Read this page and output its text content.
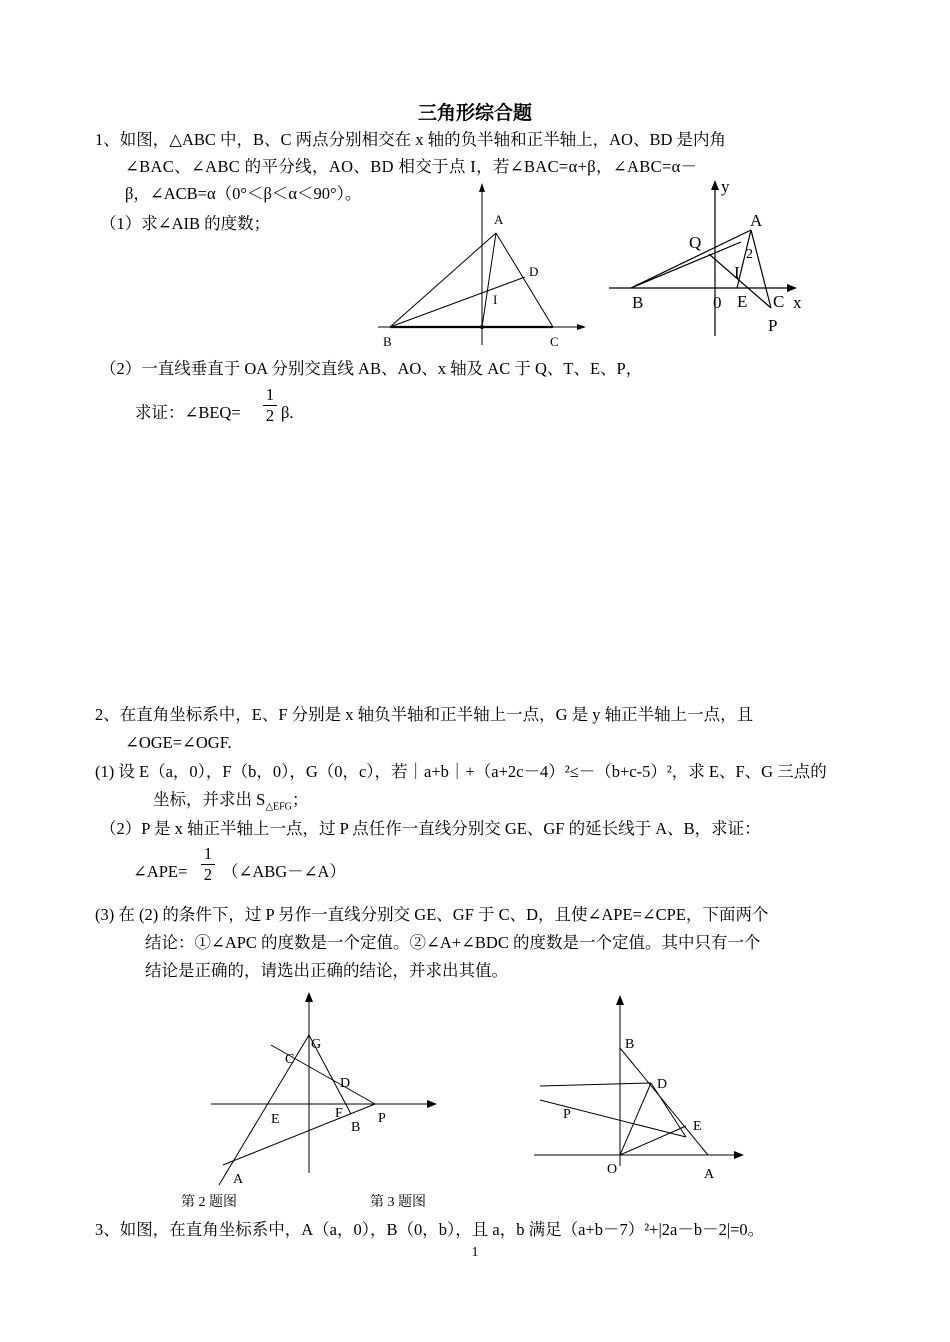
三角形综合题
1、如图，△ABC 中，B、C 两点分别相交在 x 轴的负半轴和正半轴上，AO、BD 是内角
∠BAC、∠ABC 的平分线，AO、BD 相交于点 I，若∠BAC=α+β，∠ABC=α－
β，∠ACB=α（0°＜β＜α＜90°）。
（1）求∠AIB 的度数；	A
D
I
B	C
y
A
Q
2
I
B	0 E C x
P
（2）一直线垂直于 OA 分别交直线 AB、AO、x 轴及 AC 于 Q、T、E、P，
求证：∠BEQ=
1
2 β.
2、在直角坐标系中，E、F 分别是 x 轴负半轴和正半轴上一点，G 是 y 轴正半轴上一点，且
∠OGE=∠OGF.
(1) 设 E（a，0），F（b，0），G（0，c），若｜a+b｜+（a+2c－4）²≤－（b+c-5）²，求 E、F、G 三点的
坐标，并求出 $S_{\triangle EFG}$；
（2）P 是 x 轴正半轴上一点，过 P 点任作一直线分别交 GE、GF 的延长线于 A、B，求证：
∠APE=
1
2 （∠ABG－∠A）
(3) 在 (2) 的条件下，过 P 另作一直线分别交 GE、GF 于 C、D，且使∠APE=∠CPE，下面两个
结论：①∠APC 的度数是一个定值。②∠A+∠BDC 的度数是一个定值。其中只有一个
结论是正确的，请选出正确的结论，并求出其值。
G
C
D
E	F	P
B
A
B
D
P
E
O	A
第 2 题图	第 3 题图
3、如图，在直角坐标系中，A（a，0），B（0，b），且 a，b 满足（a+b－7）²+|2a－b－2|=0。
1
